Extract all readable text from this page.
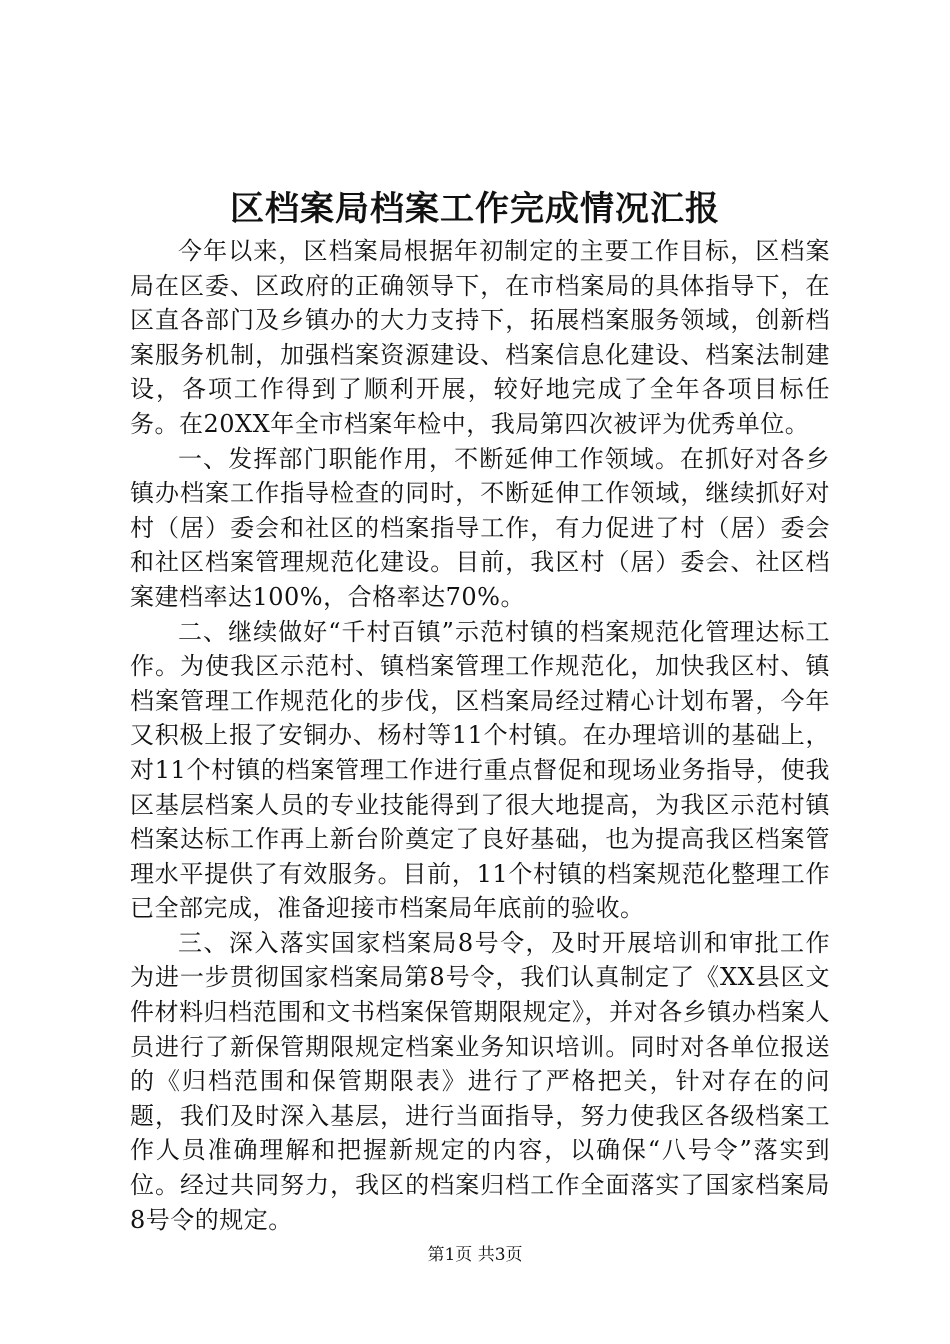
区档案局档案工作完成情况汇报

今年以来，区档案局根据年初制定的主要工作目标，区档案局在区委、区政府的正确领导下，在市档案局的具体指导下，在区直各部门及乡镇办的大力支持下，拓展档案服务领域，创新档案服务机制，加强档案资源建设、档案信息化建设、档案法制建设，各项工作得到了顺利开展，较好地完成了全年各项目标任务。在20XX年全市档案年检中，我局第四次被评为优秀单位。

一、发挥部门职能作用，不断延伸工作领域。在抓好对各乡镇办档案工作指导检查的同时，不断延伸工作领域，继续抓好对村（居）委会和社区的档案指导工作，有力促进了村（居）委会和社区档案管理规范化建设。目前，我区村（居）委会、社区档案建档率达100%，合格率达70%。

二、继续做好“千村百镇”示范村镇的档案规范化管理达标工作。为使我区示范村、镇档案管理工作规范化，加快我区村、镇档案管理工作规范化的步伐，区档案局经过精心计划布署，今年又积极上报了安铜办、杨村等11个村镇。在办理培训的基础上，对11个村镇的档案管理工作进行重点督促和现场业务指导，使我区基层档案人员的专业技能得到了很大地提高，为我区示范村镇档案达标工作再上新台阶奠定了良好基础，也为提高我区档案管理水平提供了有效服务。目前，11个村镇的档案规范化整理工作已全部完成，准备迎接市档案局年底前的验收。

三、深入落实国家档案局8号令，及时开展培训和审批工作为进一步贯彻国家档案局第8号令，我们认真制定了《XX县区文件材料归档范围和文书档案保管期限规定》，并对各乡镇办档案人员进行了新保管期限规定档案业务知识培训。同时对各单位报送的《归档范围和保管期限表》进行了严格把关，针对存在的问题，我们及时深入基层，进行当面指导，努力使我区各级档案工作人员准确理解和把握新规定的内容，以确保“八号令”落实到位。经过共同努力，我区的档案归档工作全面落实了国家档案局8号令的规定。

第1页 共3页
